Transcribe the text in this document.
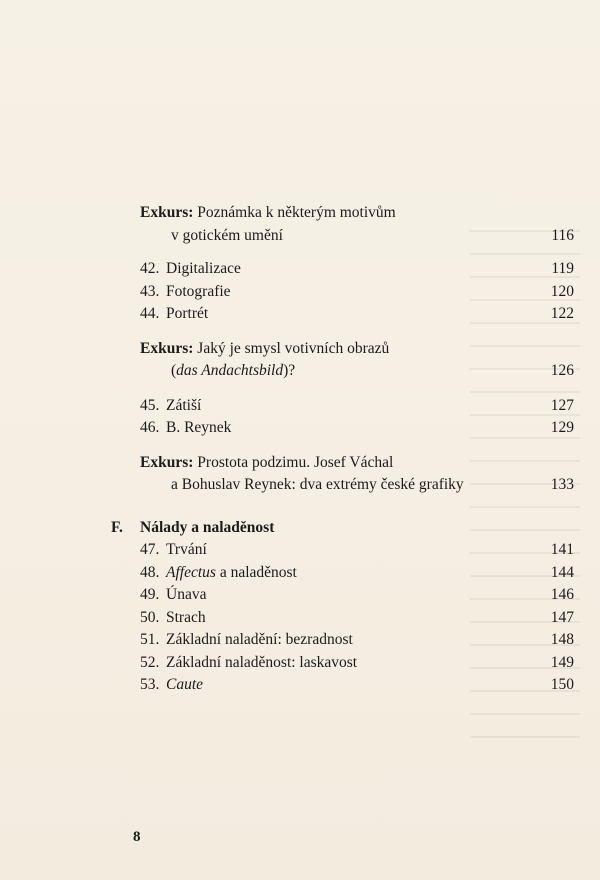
Exkurs: Poznámka k některým motivům
v gotickém umění	116
42. Digitalizace	119
43. Fotografie	120
44. Portrét	122
Exkurs: Jaký je smysl votivních obrazů
(das Andachtsbild)?	126
45. Zátiší	127
46. B. Reynek	129
Exkurs: Prostota podzimu. Josef Váchal
a Bohuslav Reynek: dva extrémy české grafiky	133
F.	Nálady a naladěnost
47. Trvání	141
48. Affectus a naladěnost	144
49. Únava	146
50. Strach	147
51. Základní naladění: bezradnost	148
52. Základní naladěnost: laskavost	149
53. Caute	150
8
